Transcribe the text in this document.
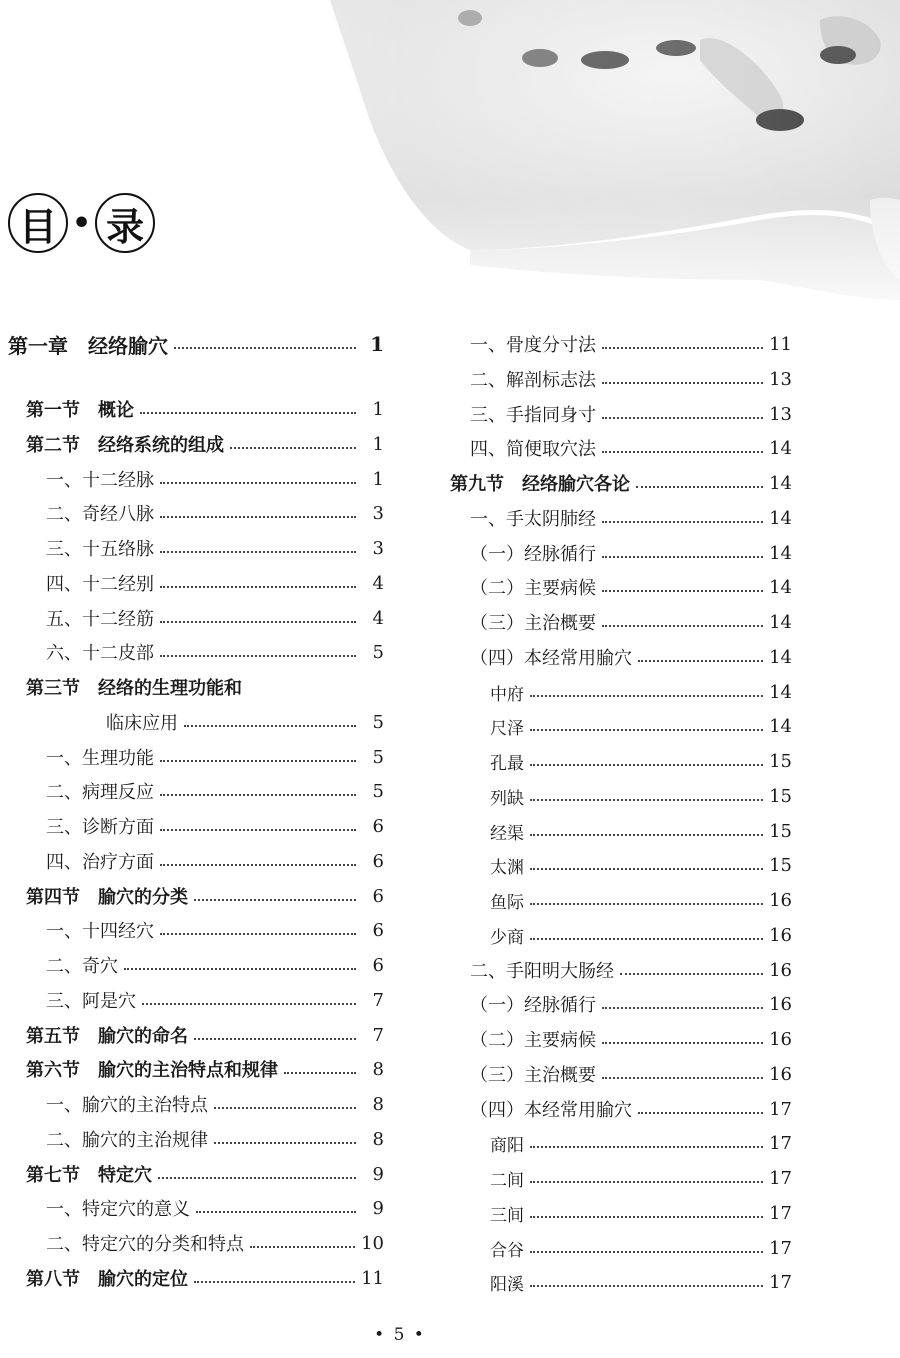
目 • 录
第一章　经络腧穴	1
第一节　概论	1
第二节　经络系统的组成	1
一、十二经脉	1
二、奇经八脉	3
三、十五络脉	3
四、十二经别	4
五、十二经筋	4
六、十二皮部	5
第三节　经络的生理功能和
临床应用	5
一、生理功能	5
二、病理反应	5
三、诊断方面	6
四、治疗方面	6
第四节　腧穴的分类	6
一、十四经穴	6
二、奇穴	6
三、阿是穴	7
第五节　腧穴的命名	7
第六节　腧穴的主治特点和规律	8
一、腧穴的主治特点	8
二、腧穴的主治规律	8
第七节　特定穴	9
一、特定穴的意义	9
二、特定穴的分类和特点	10
第八节　腧穴的定位	11
一、骨度分寸法	11
二、解剖标志法	13
三、手指同身寸	13
四、简便取穴法	14
第九节　经络腧穴各论	14
一、手太阴肺经	14
（一）经脉循行	14
（二）主要病候	14
（三）主治概要	14
（四）本经常用腧穴	14
中府	14
尺泽	14
孔最	15
列缺	15
经渠	15
太渊	15
鱼际	16
少商	16
二、手阳明大肠经	16
（一）经脉循行	16
（二）主要病候	16
（三）主治概要	16
（四）本经常用腧穴	17
商阳	17
二间	17
三间	17
合谷	17
阳溪	17
• 5 •
